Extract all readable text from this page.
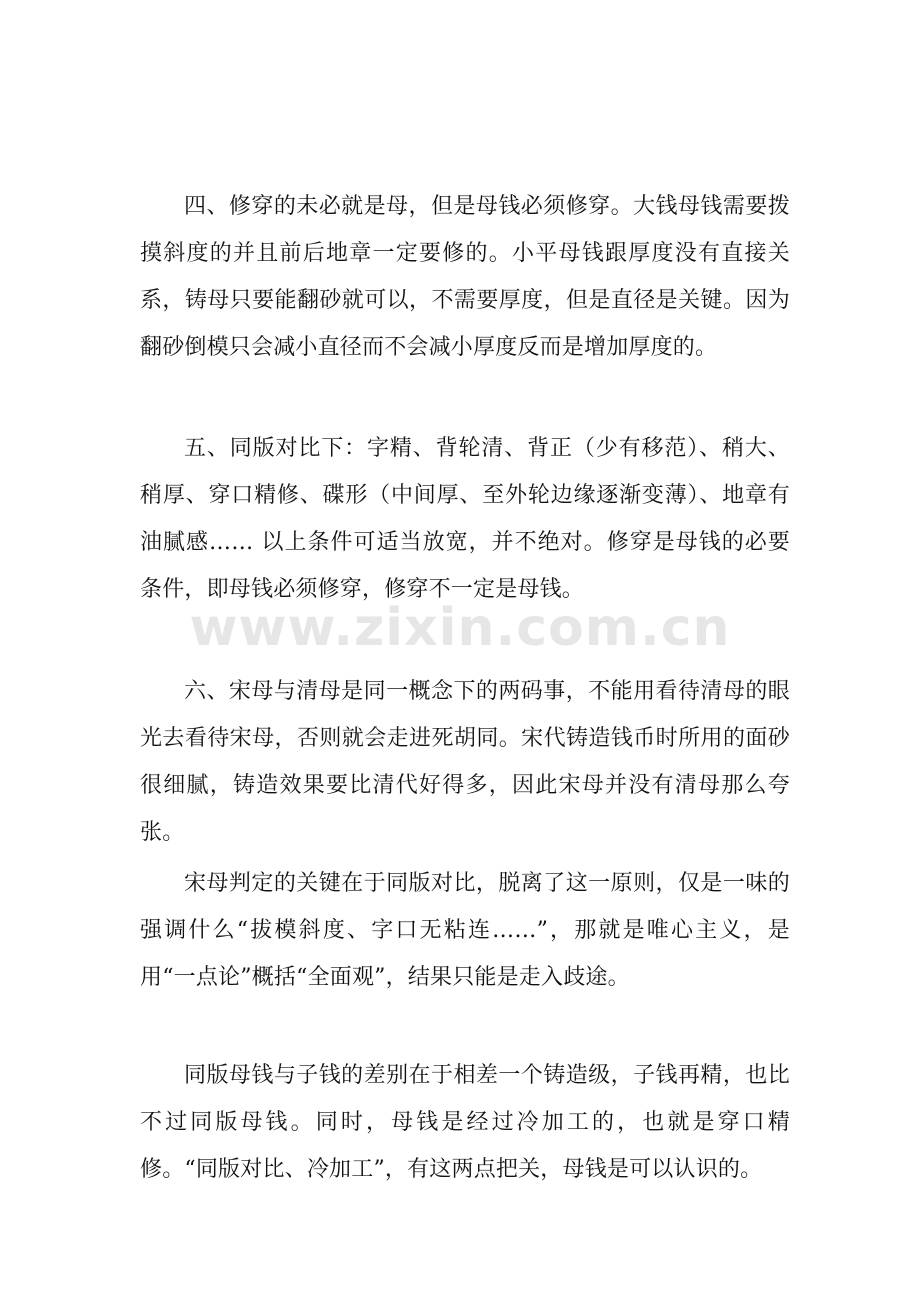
四、修穿的未必就是母，但是母钱必须修穿。大钱母钱需要拨摸斜度的并且前后地章一定要修的。小平母钱跟厚度没有直接关系，铸母只要能翻砂就可以，不需要厚度，但是直径是关键。因为翻砂倒模只会减小直径而不会减小厚度反而是增加厚度的。

五、同版对比下：字精、背轮清、背正（少有移范）、稍大、稍厚、穿口精修、碟形（中间厚、至外轮边缘逐渐变薄）、地章有油腻感…… 以上条件可适当放宽，并不绝对。修穿是母钱的必要条件，即母钱必须修穿，修穿不一定是母钱。

www.zixin.com.cn

六、宋母与清母是同一概念下的两码事，不能用看待清母的眼光去看待宋母，否则就会走进死胡同。宋代铸造钱币时所用的面砂很细腻，铸造效果要比清代好得多，因此宋母并没有清母那么夸张。

宋母判定的关键在于同版对比，脱离了这一原则，仅是一味的强调什么“拔模斜度、字口无粘连……”，那就是唯心主义，是用“一点论”概括“全面观”，结果只能是走入歧途。

同版母钱与子钱的差别在于相差一个铸造级，子钱再精，也比不过同版母钱。同时，母钱是经过冷加工的，也就是穿口精修。“同版对比、冷加工”，有这两点把关，母钱是可以认识的。
